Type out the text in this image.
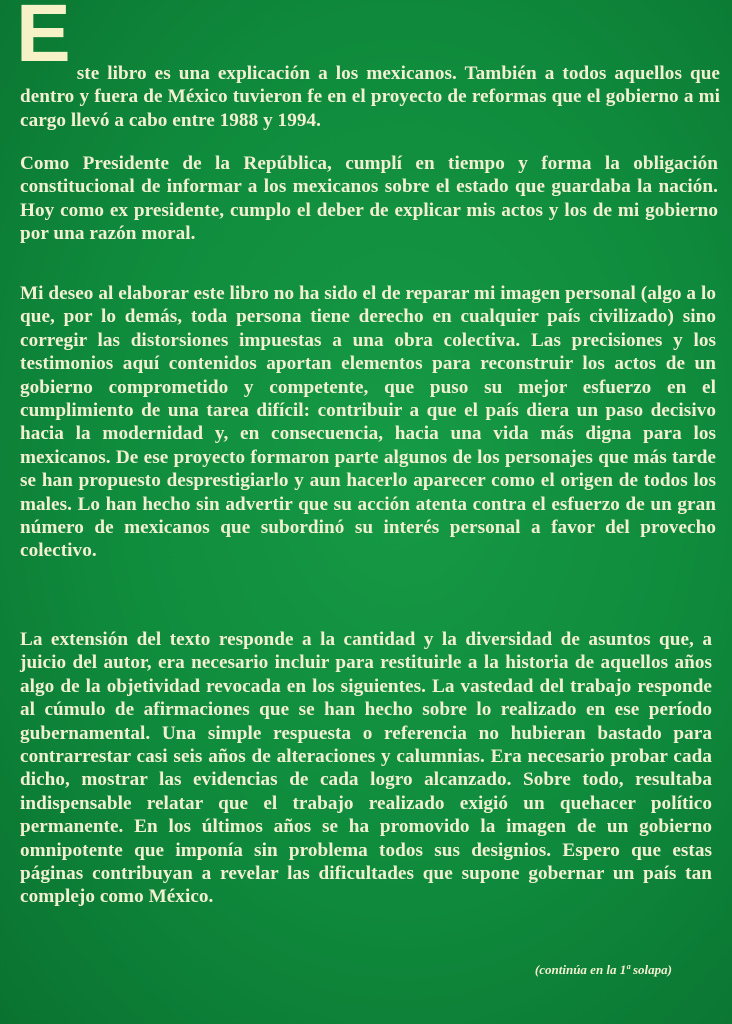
Este libro es una explicación a los mexicanos. También a todos aquellos que dentro y fuera de México tuvieron fe en el proyecto de reformas que el gobierno a mi cargo llevó a cabo entre 1988 y 1994.

Como Presidente de la República, cumplí en tiempo y forma la obligación constitucional de informar a los mexicanos sobre el estado que guardaba la nación. Hoy como ex presidente, cumplo el deber de explicar mis actos y los de mi gobierno por una razón moral.

Mi deseo al elaborar este libro no ha sido el de reparar mi imagen personal (algo a lo que, por lo demás, toda persona tiene derecho en cualquier país civilizado) sino corregir las distorsiones impuestas a una obra colectiva. Las precisiones y los testimonios aquí contenidos aportan elementos para reconstruir los actos de un gobierno comprometido y competente, que puso su mejor esfuerzo en el cumplimiento de una tarea difícil: contribuir a que el país diera un paso decisivo hacia la modernidad y, en consecuencia, hacia una vida más digna para los mexicanos. De ese proyecto formaron parte algunos de los personajes que más tarde se han propuesto desprestigiarlo y aun hacerlo aparecer como el origen de todos los males. Lo han hecho sin advertir que su acción atenta contra el esfuerzo de un gran número de mexicanos que subordinó su interés personal a favor del provecho colectivo.

La extensión del texto responde a la cantidad y la diversidad de asuntos que, a juicio del autor, era necesario incluir para restituirle a la historia de aquellos años algo de la objetividad revocada en los siguientes. La vastedad del trabajo responde al cúmulo de afirmaciones que se han hecho sobre lo realizado en ese período gubernamental. Una simple respuesta o referencia no hubieran bastado para contrarrestar casi seis años de alteraciones y calumnias. Era necesario probar cada dicho, mostrar las evidencias de cada logro alcanzado. Sobre todo, resultaba indispensable relatar que el trabajo realizado exigió un quehacer político permanente. En los últimos años se ha promovido la imagen de un gobierno omnipotente que imponía sin problema todos sus designios. Espero que estas páginas contribuyan a revelar las dificultades que supone gobernar un país tan complejo como México.

(continúa en la 1ª solapa)
